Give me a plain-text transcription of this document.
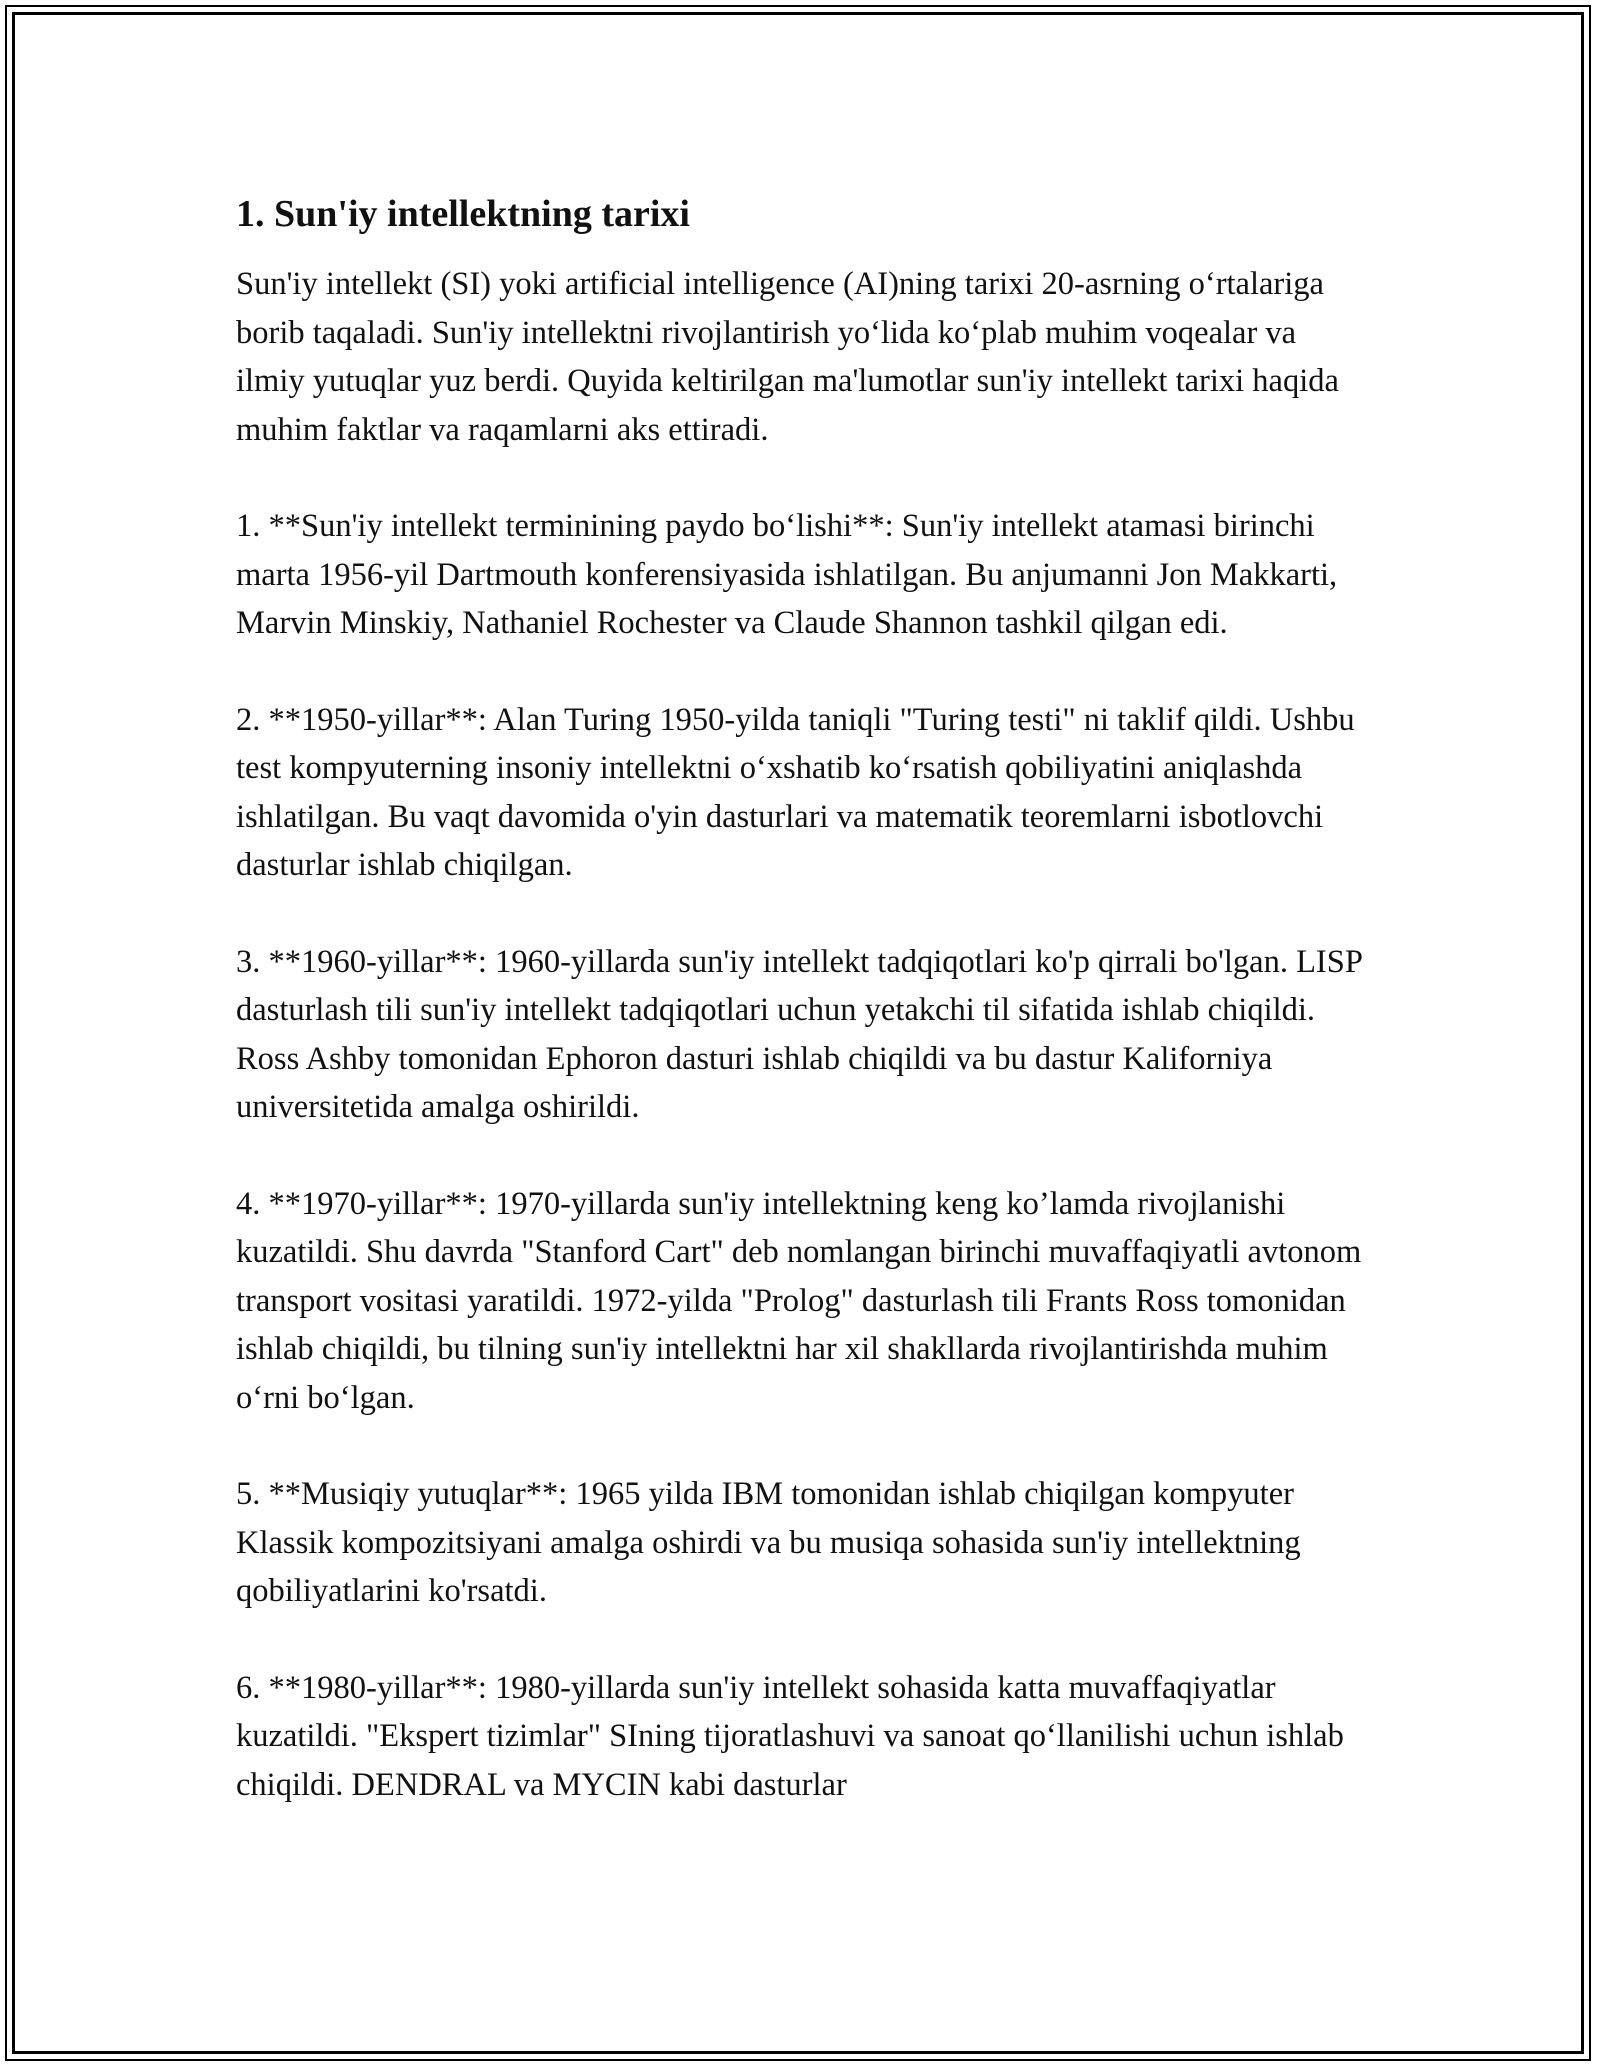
1. Sun'iy intellektning tarixi

Sun'iy intellekt (SI) yoki artificial intelligence (AI)ning tarixi 20-asrning o‘rtalariga borib taqaladi. Sun'iy intellektni rivojlantirish yo‘lida ko‘plab muhim voqealar va ilmiy yutuqlar yuz berdi. Quyida keltirilgan ma'lumotlar sun'iy intellekt tarixi haqida muhim faktlar va raqamlarni aks ettiradi.

1. **Sun'iy intellekt terminining paydo bo‘lishi**: Sun'iy intellekt atamasi birinchi marta 1956-yil Dartmouth konferensiyasida ishlatilgan. Bu anjumanni Jon Makkarti, Marvin Minskiy, Nathaniel Rochester va Claude Shannon tashkil qilgan edi.

2. **1950-yillar**: Alan Turing 1950-yilda taniqli "Turing testi" ni taklif qildi. Ushbu test kompyuterning insoniy intellektni o‘xshatib ko‘rsatish qobiliyatini aniqlashda ishlatilgan. Bu vaqt davomida o'yin dasturlari va matematik teoremlarni isbotlovchi dasturlar ishlab chiqilgan.

3. **1960-yillar**: 1960-yillarda sun'iy intellekt tadqiqotlari ko'p qirrali bo'lgan. LISP dasturlash tili sun'iy intellekt tadqiqotlari uchun yetakchi til sifatida ishlab chiqildi. Ross Ashby tomonidan Ephoron dasturi ishlab chiqildi va bu dastur Kaliforniya universitetida amalga oshirildi.

4. **1970-yillar**: 1970-yillarda sun'iy intellektning keng ko’lamda rivojlanishi kuzatildi. Shu davrda "Stanford Cart" deb nomlangan birinchi muvaffaqiyatli avtonom transport vositasi yaratildi. 1972-yilda "Prolog" dasturlash tili Frants Ross tomonidan ishlab chiqildi, bu tilning sun'iy intellektni har xil shakllarda rivojlantirishda muhim o‘rni bo‘lgan.

5. **Musiqiy yutuqlar**: 1965 yilda IBM tomonidan ishlab chiqilgan kompyuter Klassik kompozitsiyani amalga oshirdi va bu musiqa sohasida sun'iy intellektning qobiliyatlarini ko'rsatdi.

6. **1980-yillar**: 1980-yillarda sun'iy intellekt sohasida katta muvaffaqiyatlar kuzatildi. "Ekspert tizimlar" SIning tijoratlashuvi va sanoat qo‘llanilishi uchun ishlab chiqildi. DENDRAL va MYCIN kabi dasturlar
